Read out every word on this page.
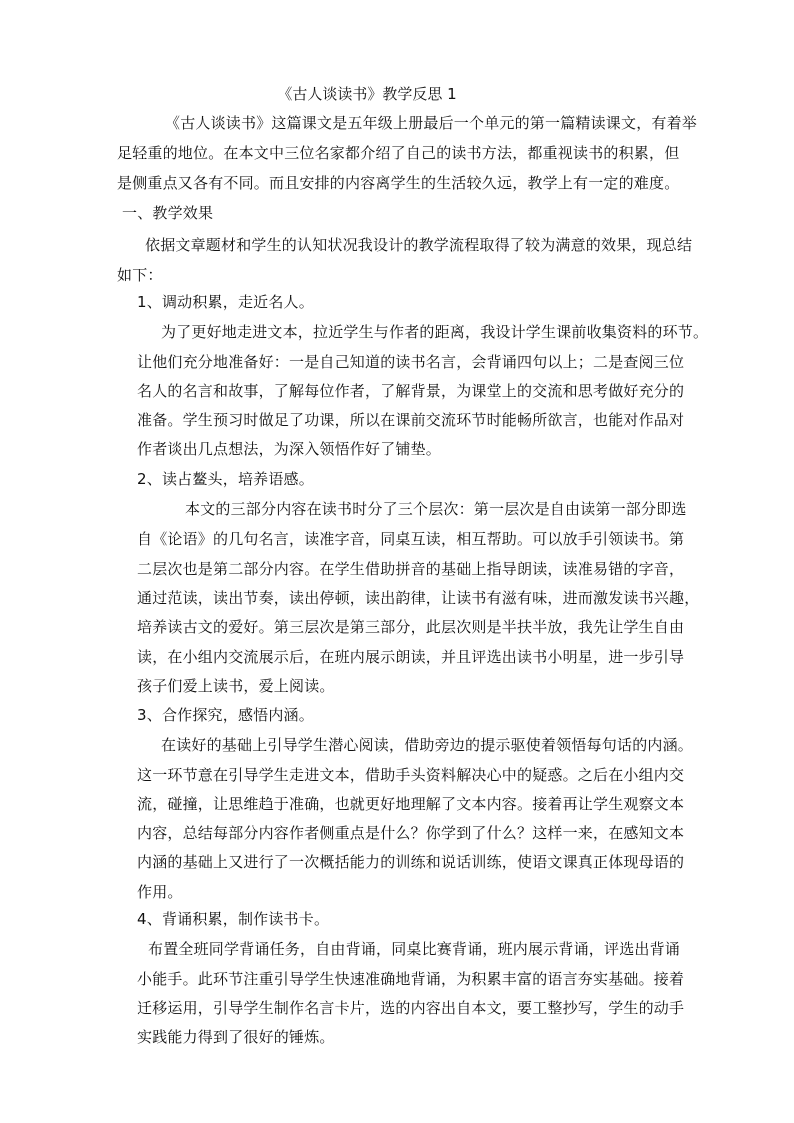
《古人谈读书》教学反思 1
《古人谈读书》这篇课文是五年级上册最后一个单元的第一篇精读课文，有着举
足轻重的地位。在本文中三位名家都介绍了自己的读书方法，都重视读书的积累，但
是侧重点又各有不同。而且安排的内容离学生的生活较久远，教学上有一定的难度。
一、教学效果
依据文章题材和学生的认知状况我设计的教学流程取得了较为满意的效果，现总结
如下：
1、调动积累，走近名人。
为了更好地走进文本，拉近学生与作者的距离，我设计学生课前收集资料的环节。
让他们充分地准备好：一是自己知道的读书名言，会背诵四句以上；二是查阅三位
名人的名言和故事，了解每位作者，了解背景，为课堂上的交流和思考做好充分的
准备。学生预习时做足了功课，所以在课前交流环节时能畅所欲言，也能对作品对
作者谈出几点想法，为深入领悟作好了铺垫。
2、读占鳌头，培养语感。
本文的三部分内容在读书时分了三个层次：第一层次是自由读第一部分即选
自《论语》的几句名言，读准字音，同桌互读，相互帮助。可以放手引领读书。第
二层次也是第二部分内容。在学生借助拼音的基础上指导朗读，读准易错的字音，
通过范读，读出节奏，读出停顿，读出韵律，让读书有滋有味，进而激发读书兴趣，
培养读古文的爱好。第三层次是第三部分，此层次则是半扶半放，我先让学生自由
读，在小组内交流展示后，在班内展示朗读，并且评选出读书小明星，进一步引导
孩子们爱上读书，爱上阅读。
3、合作探究，感悟内涵。
在读好的基础上引导学生潜心阅读，借助旁边的提示驱使着领悟每句话的内涵。
这一环节意在引导学生走进文本，借助手头资料解决心中的疑惑。之后在小组内交
流，碰撞，让思维趋于准确，也就更好地理解了文本内容。接着再让学生观察文本
内容，总结每部分内容作者侧重点是什么？你学到了什么？这样一来，在感知文本
内涵的基础上又进行了一次概括能力的训练和说话训练，使语文课真正体现母语的
作用。
4、背诵积累，制作读书卡。
布置全班同学背诵任务，自由背诵，同桌比赛背诵，班内展示背诵，评选出背诵
小能手。此环节注重引导学生快速准确地背诵，为积累丰富的语言夯实基础。接着
迁移运用，引导学生制作名言卡片，选的内容出自本文，要工整抄写，学生的动手
实践能力得到了很好的锤炼。
